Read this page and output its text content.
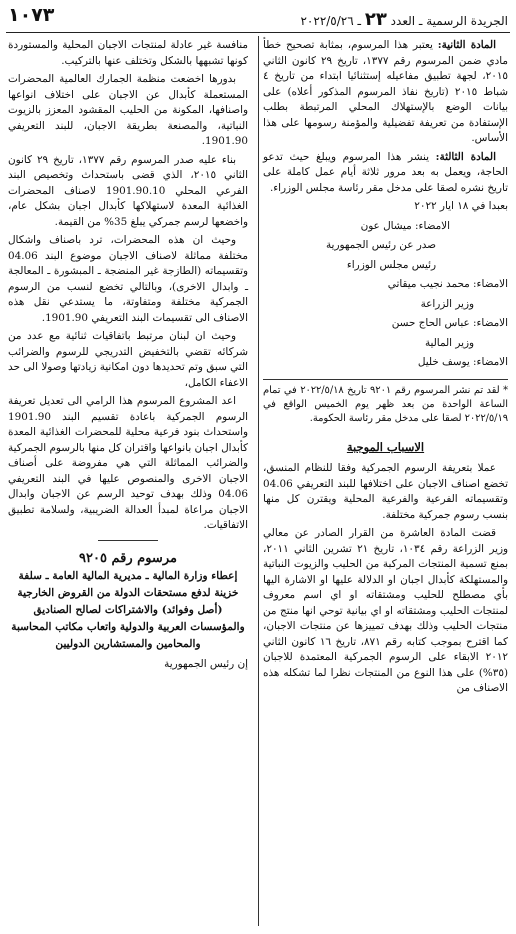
١٠٧٣	الجريدة الرسمية ـ العدد ٢٣ ـ ٢٠٢٢/٥/٢٦

المادة الثانية: يعتبر هذا المرسوم، بمثابة تصحيح خطأ مادي ضمن المرسوم رقم ١٣٧٧، تاريخ ٢٩ كانون الثاني ٢٠١٥، لجهة تطبيق مفاعيله إستثنائيا ابتداء من تاريخ ٤ شباط ٢٠١٥ (تاريخ نفاذ المرسوم المذكور أعلاه) على بيانات الوضع بالإستهلاك المحلي المرتبطة بطلب الإستفادة من تعريفة تفضيلية والمؤمنة رسومها على هذا الأساس.

المادة الثالثة: ينشر هذا المرسوم ويبلغ حيث تدعو الحاجة، ويعمل به بعد مرور ثلاثة أيام عمل كاملة على تاريخ نشره لصقا على مدخل مقر رئاسة مجلس الوزراء.

بعبدا في ١٨ ايار ٢٠٢٢

الامضاء: ميشال عون

صدر عن رئيس الجمهورية

رئيس مجلس الوزراء

الامضاء: محمد نجيب ميقاتي

وزير الزراعة

الامضاء: عباس الحاج حسن

وزير المالية

الامضاء: يوسف خليل

* لقد تم نشر المرسوم رقم ٩٢٠١ تاريخ ٢٠٢٢/٥/١٨ في تمام الساعة الواحدة من بعد ظهر يوم الخميس الواقع في ٢٠٢٢/٥/١٩ لصقا على مدخل مقر رئاسة الحكومة.

الاسباب الموجبة

عملا بتعريفة الرسوم الجمركية وفقا للنظام المنسق، تخضع اصناف الاجبان على اختلافها للبند التعريفي 04.06 وتقسيماته الفرعية والفرعية المحلية ويقترن كل منها بنسب رسوم جمركية مختلفة.

قضت المادة العاشرة من القرار الصادر عن معالي وزير الزراعة رقم ١٠٣٤، تاريخ ٢١ تشرين الثاني ٢٠١١، بمنع تسمية المنتجات المركبة من الحليب والزيوت النباتية والمستهلكة كأبدال اجبان او الدلالة عليها او الاشارة اليها بأي مصطلح للحليب ومشتقاته او اي اسم معروف لمنتجات الحليب ومشتقاته او اي بيانية توحي انها منتج من منتجات الحليب وذلك بهدف تمييزها عن منتجات الاجبان، كما اقترح بموجب كتابه رقم ٨٧١، تاريخ ١٦ كانون الثاني ٢٠١٢ الابقاء على الرسوم الجمركية المعتمدة للاجبان (٣٥%) على هذا النوع من المنتجات نظرا لما تشكله هذه الاصناف من

منافسة غير عادلة لمنتجات الاجبان المحلية والمستوردة كونها تشبهها بالشكل وتختلف عنها بالتركيب.

بدورها اخضعت منظمة الجمارك العالمية المحضرات المستعملة كأبدال عن الاجبان على اختلاف انواعها واصنافها، المكونة من الحليب المقشود المعزز بالزيوت النباتية، والمصنعة بطريقة الاجبان، للبند التعريفي 1901.90.

بناء عليه صدر المرسوم رقم ١٣٧٧، تاريخ ٢٩ كانون الثاني ٢٠١٥، الذي قضى باستحداث وتخصيص البند الفرعي المحلي 1901.90.10 لاصناف المحضرات الغذائية المعدة لاستهلاكها كأبدال اجبان بشكل عام، واخضعها لرسم جمركي يبلغ 35% من القيمة.

وحيث ان هذه المحضرات، ترد باصناف واشكال مختلفة مماثلة لاصناف الاجبان موضوع البند 04.06 وتقسيماته (الطازجة غير المنضجة ـ المبشورة ـ المعالجة ـ وابدال الاخرى)، وبالتالي تخضع لنسب من الرسوم الجمركية مختلفة ومتفاوتة، ما يستدعي نقل هذه الاصناف الى تقسيمات البند التعريفي 1901.90.

وحيث ان لبنان مرتبط باتفاقيات ثنائية مع عدد من شركائه تقضي بالتخفيض التدريجي للرسوم والضرائب التي سبق وتم تحديدها دون امكانية زيادتها وصولا الى حد الاعفاء الكامل،

اعد المشروع المرسوم هذا الرامي الى تعديل تعريفة الرسوم الجمركية باعادة تقسيم البند 1901.90 واستحداث بنود فرعية محلية للمحضرات الغذائية المعدة كأبدال اجبان بانواعها واقتران كل منها بالرسوم الجمركية والضرائب المماثلة التي هي مفروضة على أصناف الاجبان الاخرى والمنصوص عليها في البند التعريفي 04.06 وذلك بهدف توحيد الرسم عن الاجبان وابدال الاجبان مراعاة لمبدأ العدالة الضريبية، ولسلامة تطبيق الاتفاقيات.

مرسوم رقم ٩٢٠٥
إعطاء وزارة المالية ـ مديرية المالية العامة ـ سلفة خزينة لدفع مستحقات الدولة من القروض الخارجية (أصل وفوائد) والاشتراكات لصالح الصناديق والمؤسسات العربية والدولية واتعاب مكاتب المحاسبة والمحامين والمستشارين الدوليين

إن رئيس الجمهورية
